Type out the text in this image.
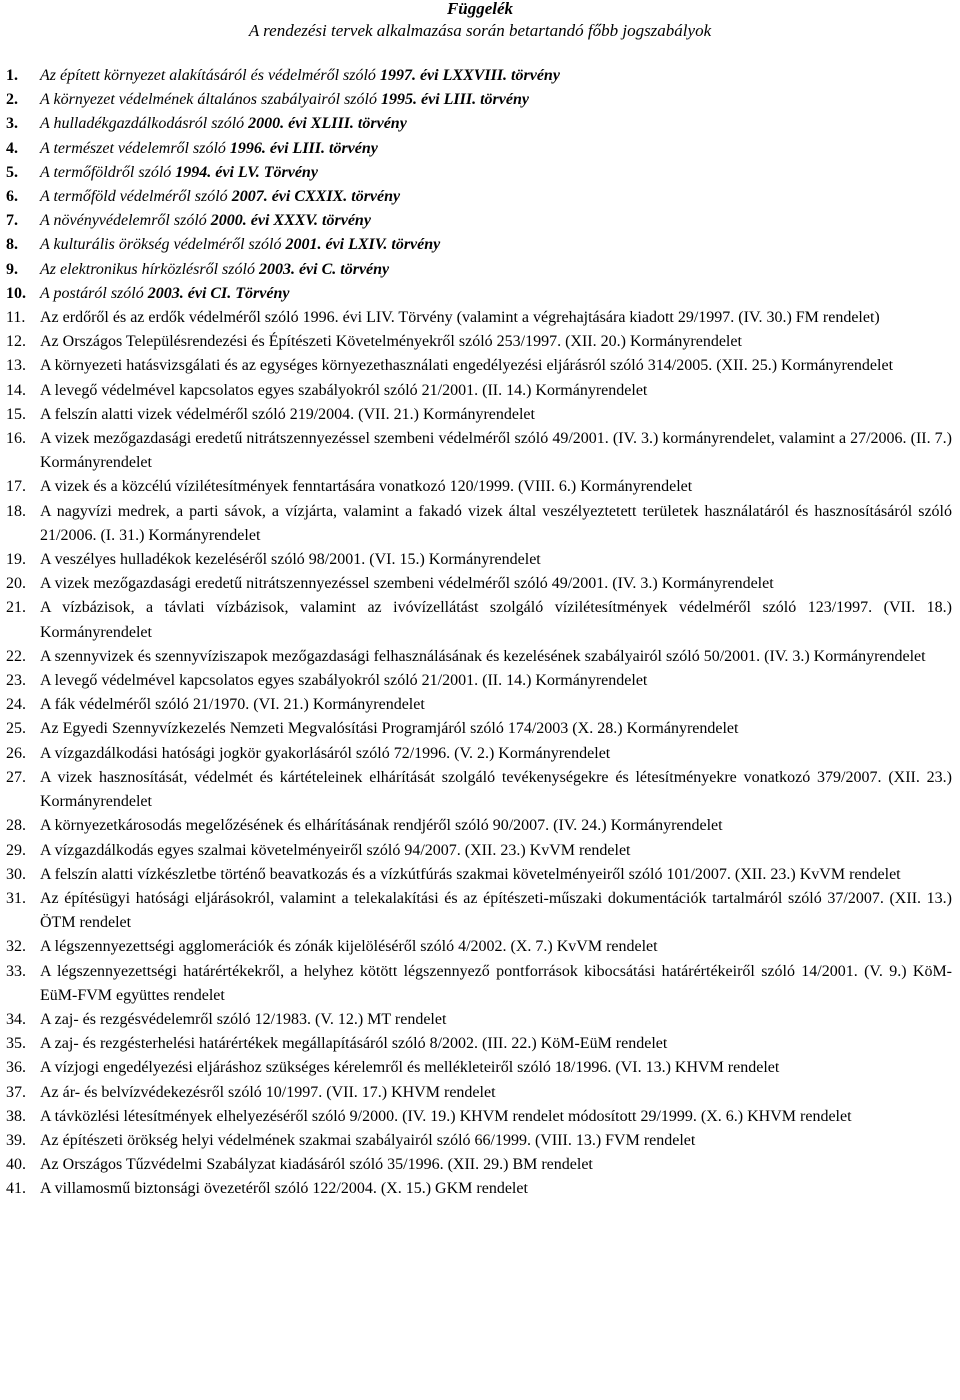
Függelék
A rendezési tervek alkalmazása során betartandó főbb jogszabályok
1.	Az épített környezet alakításáról és védelméről szóló 1997. évi LXXVIII. törvény
2.	A környezet védelmének általános szabályairól szóló 1995. évi LIII. törvény
3.	A hulladékgazdálkodásról szóló 2000. évi XLIII. törvény
4.	A természet védelemről szóló 1996. évi LIII. törvény
5.	A termőföldről szóló 1994. évi LV. Törvény
6.	A termőföld védelméről szóló 2007. évi CXXIX. törvény
7.	A növényvédelemről szóló 2000. évi XXXV. törvény
8.	A kulturális örökség védelméről szóló 2001. évi LXIV. törvény
9.	Az elektronikus hírközlésről szóló 2003. évi C. törvény
10. A postáról szóló 2003. évi CI. Törvény
11. Az erdőről és az erdők védelméről szóló 1996. évi LIV. Törvény (valamint a végrehajtására kiadott 29/1997. (IV. 30.) FM rendelet)
12. Az Országos Településrendezési és Építészeti Követelményekről szóló 253/1997. (XII. 20.) Kormányrendelet
13. A környezeti hatásvizsgálati és az egységes környezethasználati engedélyezési eljárásról szóló 314/2005. (XII. 25.) Kormányrendelet
14. A levegő védelmével kapcsolatos egyes szabályokról szóló 21/2001. (II. 14.) Kormányrendelet
15. A felszín alatti vizek védelméről szóló 219/2004. (VII. 21.) Kormányrendelet
16. A vizek mezőgazdasági eredetű nitrátszennyezéssel szembeni védelméről szóló 49/2001. (IV. 3.) kormányrendelet, valamint a 27/2006. (II. 7.) Kormányrendelet
17. A vizek és a közcélú vízilétesítmények fenntartására vonatkozó 120/1999. (VIII. 6.) Kormányrendelet
18. A nagyvízi medrek, a parti sávok, a vízjárta, valamint a fakadó vizek által veszélyeztetett területek használatáról és hasznosításáról szóló 21/2006. (I. 31.) Kormányrendelet
19. A veszélyes hulladékok kezeléséről szóló 98/2001. (VI. 15.) Kormányrendelet
20. A vizek mezőgazdasági eredetű nitrátszennyezéssel szembeni védelméről szóló 49/2001. (IV. 3.) Kormányrendelet
21. A vízbázisok, a távlati vízbázisok, valamint az ivóvízellátást szolgáló vízilétesítmények védelméről szóló 123/1997. (VII. 18.) Kormányrendelet
22. A szennyvizek és szennyvíziszapok mezőgazdasági felhasználásának és kezelésének szabályairól szóló 50/2001. (IV. 3.) Kormányrendelet
23. A levegő védelmével kapcsolatos egyes szabályokról szóló 21/2001. (II. 14.) Kormányrendelet
24. A fák védelméről szóló 21/1970. (VI. 21.) Kormányrendelet
25. Az Egyedi Szennyvízkezelés Nemzeti Megvalósítási Programjáról szóló 174/2003 (X. 28.) Kormányrendelet
26. A vízgazdálkodási hatósági jogkör gyakorlásáról szóló 72/1996. (V. 2.) Kormányrendelet
27. A vizek hasznosítását, védelmét és kártételeinek elhárítását szolgáló tevékenységekre és létesítményekre vonatkozó 379/2007. (XII. 23.) Kormányrendelet
28. A környezetkárosodás megelőzésének és elhárításának rendjéről szóló 90/2007. (IV. 24.) Kormányrendelet
29. A vízgazdálkodás egyes szalmai követelményeiről szóló 94/2007. (XII. 23.) KvVM rendelet
30. A felszín alatti vízkészletbe történő beavatkozás és a vízkútfúrás szakmai követelményeiről szóló 101/2007. (XII. 23.) KvVM rendelet
31. Az építésügyi hatósági eljárásokról, valamint a telekalakítási és az építészeti-műszaki dokumentációk tartalmáról szóló 37/2007. (XII. 13.) ÖTM rendelet
32. A légszennyezettségi agglomerációk és zónák kijelöléséről szóló 4/2002. (X. 7.) KvVM rendelet
33. A légszennyezettségi határértékekről, a helyhez kötött légszennyező pontforrások kibocsátási határértékeiről szóló 14/2001. (V. 9.) KöM-EüM-FVM együttes rendelet
34. A zaj- és rezgésvédelemről szóló 12/1983. (V. 12.) MT rendelet
35. A zaj- és rezgésterhelési határértékek megállapításáról szóló 8/2002. (III. 22.) KöM-EüM rendelet
36. A vízjogi engedélyezési eljáráshoz szükséges kérelemről és mellékleteiről szóló 18/1996. (VI. 13.) KHVM rendelet
37. Az ár- és belvízvédekezésről szóló 10/1997. (VII. 17.) KHVM rendelet
38. A távközlési létesítmények elhelyezéséről szóló 9/2000. (IV. 19.) KHVM rendelet módosított 29/1999. (X. 6.) KHVM rendelet
39. Az építészeti örökség helyi védelmének szakmai szabályairól szóló 66/1999. (VIII. 13.) FVM rendelet
40. Az Országos Tűzvédelmi Szabályzat kiadásáról szóló 35/1996. (XII. 29.) BM rendelet
41. A villamosmű biztonsági övezetéről szóló 122/2004. (X. 15.) GKM rendelet
